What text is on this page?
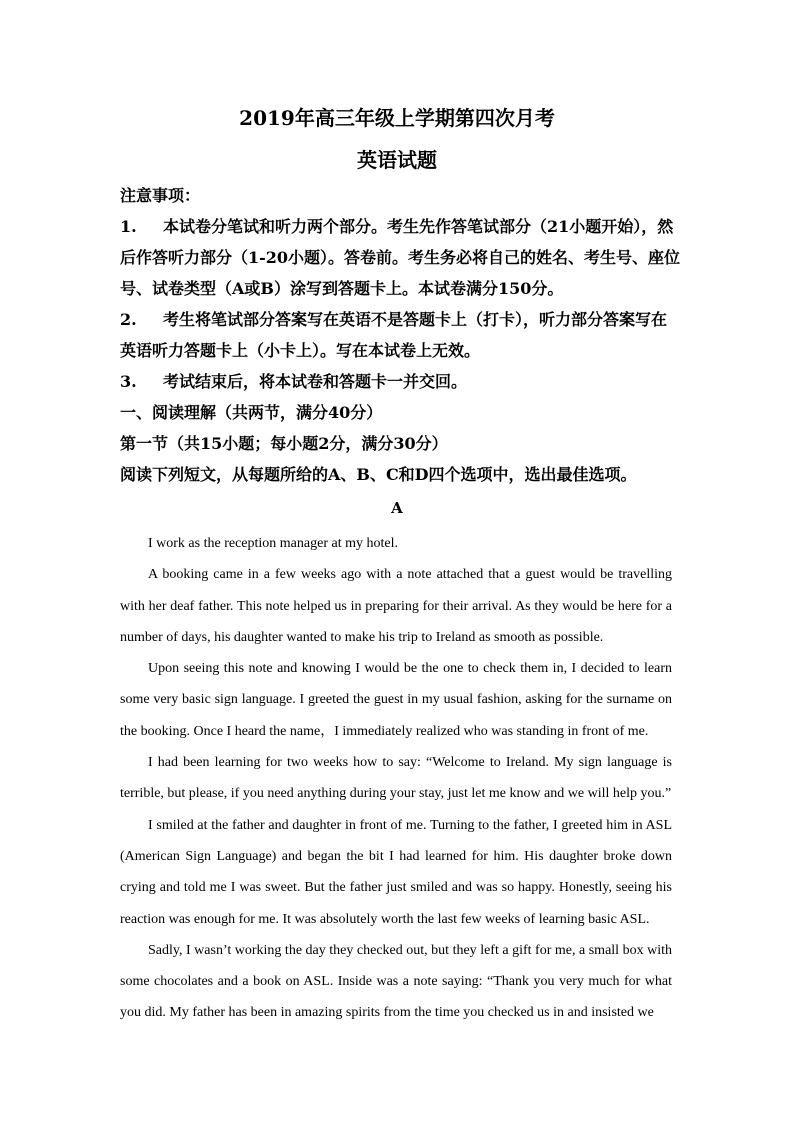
2019年高三年级上学期第四次月考
英语试题
注意事项：
1. 本试卷分笔试和听力两个部分。考生先作答笔试部分（21小题开始），然
后作答听力部分（1-20小题）。答卷前。考生务必将自己的姓名、考生号、座位
号、试卷类型（A或B）涂写到答题卡上。本试卷满分150分。
2. 考生将笔试部分答案写在英语不是答题卡上（打卡），听力部分答案写在
英语听力答题卡上（小卡上）。写在本试卷上无效。
3. 考试结束后，将本试卷和答题卡一并交回。
一、阅读理解（共两节，满分40分）
第一节（共15小题；每小题2分，满分30分）
阅读下列短文，从每题所给的A、B、C和D四个选项中，选出最佳选项。
A

I work as the reception manager at my hotel.

A booking came in a few weeks ago with a note attached that a guest would be travelling with her deaf father. This note helped us in preparing for their arrival. As they would be here for a number of days, his daughter wanted to make his trip to Ireland as smooth as possible.

Upon seeing this note and knowing I would be the one to check them in, I decided to learn some very basic sign language. I greeted the guest in my usual fashion, asking for the surname on the booking. Once I heard the name，I immediately realized who was standing in front of me.

I had been learning for two weeks how to say: “Welcome to Ireland. My sign language is terrible, but please, if you need anything during your stay, just let me know and we will help you.”

I smiled at the father and daughter in front of me. Turning to the father, I greeted him in ASL (American Sign Language) and began the bit I had learned for him. His daughter broke down crying and told me I was sweet. But the father just smiled and was so happy. Honestly, seeing his reaction was enough for me. It was absolutely worth the last few weeks of learning basic ASL.

Sadly, I wasn’t working the day they checked out, but they left a gift for me, a small box with some chocolates and a book on ASL. Inside was a note saying: “Thank you very much for what you did. My father has been in amazing spirits from the time you checked us in and insisted we
